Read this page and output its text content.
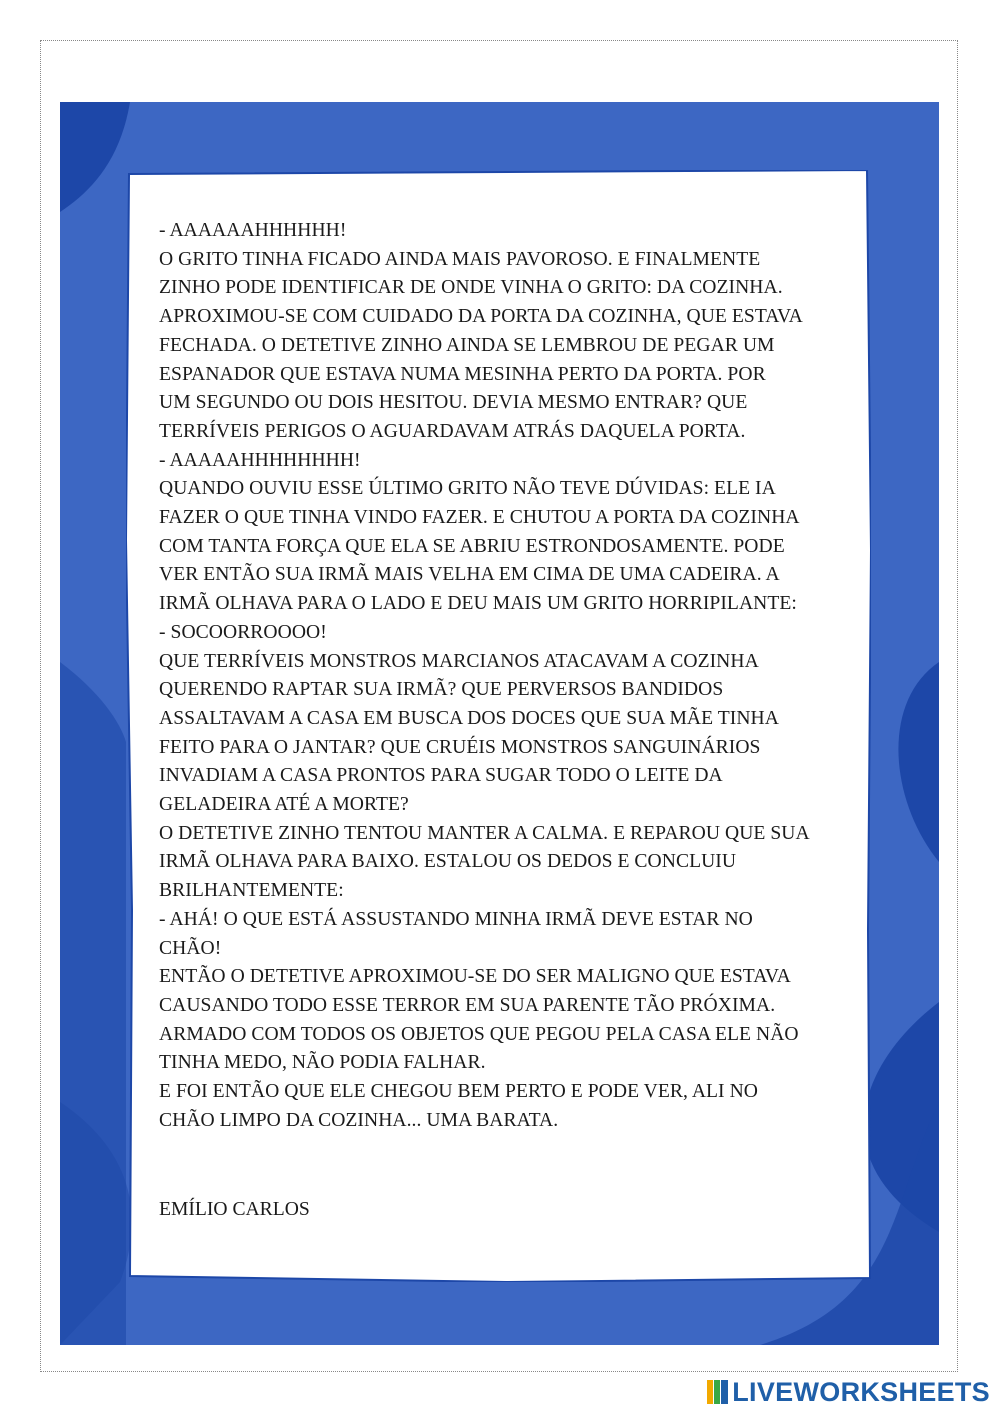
- AAAAAAHHHHHH!

O GRITO TINHA FICADO AINDA MAIS PAVOROSO. E FINALMENTE

ZINHO PODE IDENTIFICAR DE ONDE VINHA O GRITO: DA COZINHA.

APROXIMOU-SE COM CUIDADO DA PORTA DA COZINHA, QUE ESTAVA

FECHADA. O DETETIVE ZINHO AINDA SE LEMBROU DE PEGAR UM

ESPANADOR QUE ESTAVA NUMA MESINHA PERTO DA PORTA. POR

UM SEGUNDO OU DOIS HESITOU. DEVIA MESMO ENTRAR? QUE

TERRÍVEIS PERIGOS O AGUARDAVAM ATRÁS DAQUELA PORTA.

- AAAAAHHHHHHHH!

QUANDO OUVIU ESSE ÚLTIMO GRITO NÃO TEVE DÚVIDAS: ELE IA

FAZER O QUE TINHA VINDO FAZER. E CHUTOU A PORTA DA COZINHA

COM TANTA FORÇA QUE ELA SE ABRIU ESTRONDOSAMENTE. PODE

VER ENTÃO SUA IRMÃ MAIS VELHA EM CIMA DE UMA CADEIRA. A

IRMÃ OLHAVA PARA O LADO E DEU MAIS UM GRITO HORRIPILANTE:

- SOCOORROOOO!

QUE TERRÍVEIS MONSTROS MARCIANOS ATACAVAM A COZINHA

QUERENDO RAPTAR SUA IRMÃ? QUE PERVERSOS BANDIDOS

ASSALTAVAM A CASA EM BUSCA DOS DOCES QUE SUA MÃE TINHA

FEITO PARA O JANTAR? QUE CRUÉIS MONSTROS SANGUINÁRIOS

INVADIAM A CASA PRONTOS PARA SUGAR TODO O LEITE DA

GELADEIRA ATÉ A MORTE?

O DETETIVE ZINHO TENTOU MANTER A CALMA. E REPAROU QUE SUA

IRMÃ OLHAVA PARA BAIXO. ESTALOU OS DEDOS E CONCLUIU

BRILHANTEMENTE:

- AHÁ! O QUE ESTÁ ASSUSTANDO MINHA IRMÃ DEVE ESTAR NO

CHÃO!

ENTÃO O DETETIVE APROXIMOU-SE DO SER MALIGNO QUE ESTAVA

CAUSANDO TODO ESSE TERROR EM SUA PARENTE TÃO PRÓXIMA.

ARMADO COM TODOS OS OBJETOS QUE PEGOU PELA CASA ELE NÃO

TINHA MEDO, NÃO PODIA FALHAR.

E FOI ENTÃO QUE ELE CHEGOU BEM PERTO E PODE VER, ALI NO

CHÃO LIMPO DA COZINHA... UMA BARATA.

EMÍLIO CARLOS
LIVEWORKSHEETS
